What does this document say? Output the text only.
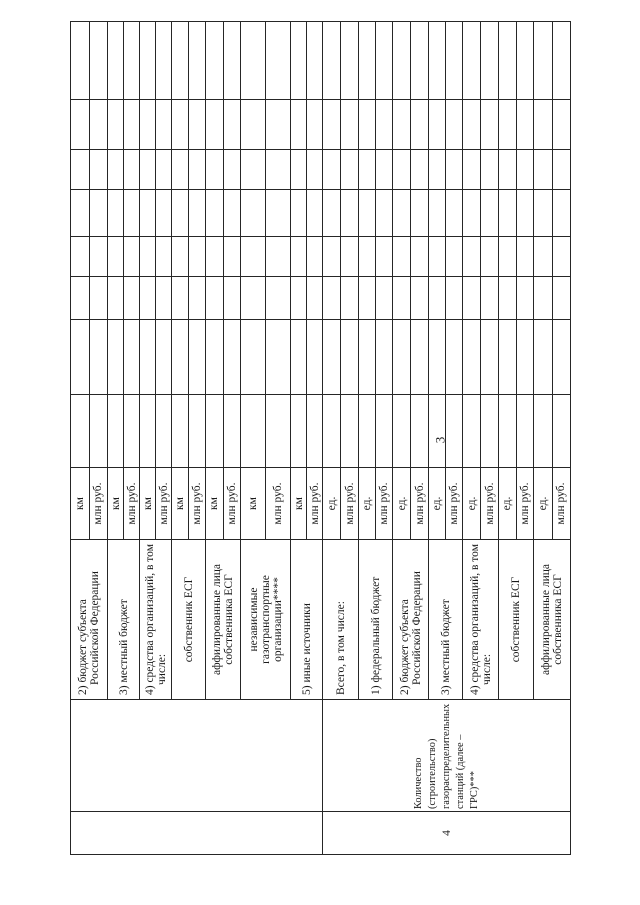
3
		2) бюджет субъекта Российской Федерации	км								
			млн руб.								
		3) местный бюджет	км								
			млн руб.								
		4) средства организаций, в том числе:	км								
			млн руб.								
		собственник ЕСГ	км								
			млн руб.								
		аффилированные лица собственника ЕСГ	км								
			млн руб.								
		независимые газотранспортные организации****	км								
			млн руб.								
		5) иные источники	км								
			млн руб.								
4	Количество (строительство) газораспределительных станций (далее – ГРС)***	Всего, в том числе:	ед.								
			млн руб.								
		1) федеральный бюджет	ед.								
			млн руб.								
		2) бюджет субъекта Российской Федерации	ед.								
			млн руб.								
		3) местный бюджет	ед.								
			млн руб.								
		4) средства организаций, в том числе:	ед.								
			млн руб.								
		собственник ЕСГ	ед.								
			млн руб.								
		аффилированные лица собственника ЕСГ	ед.								
			млн руб.								
